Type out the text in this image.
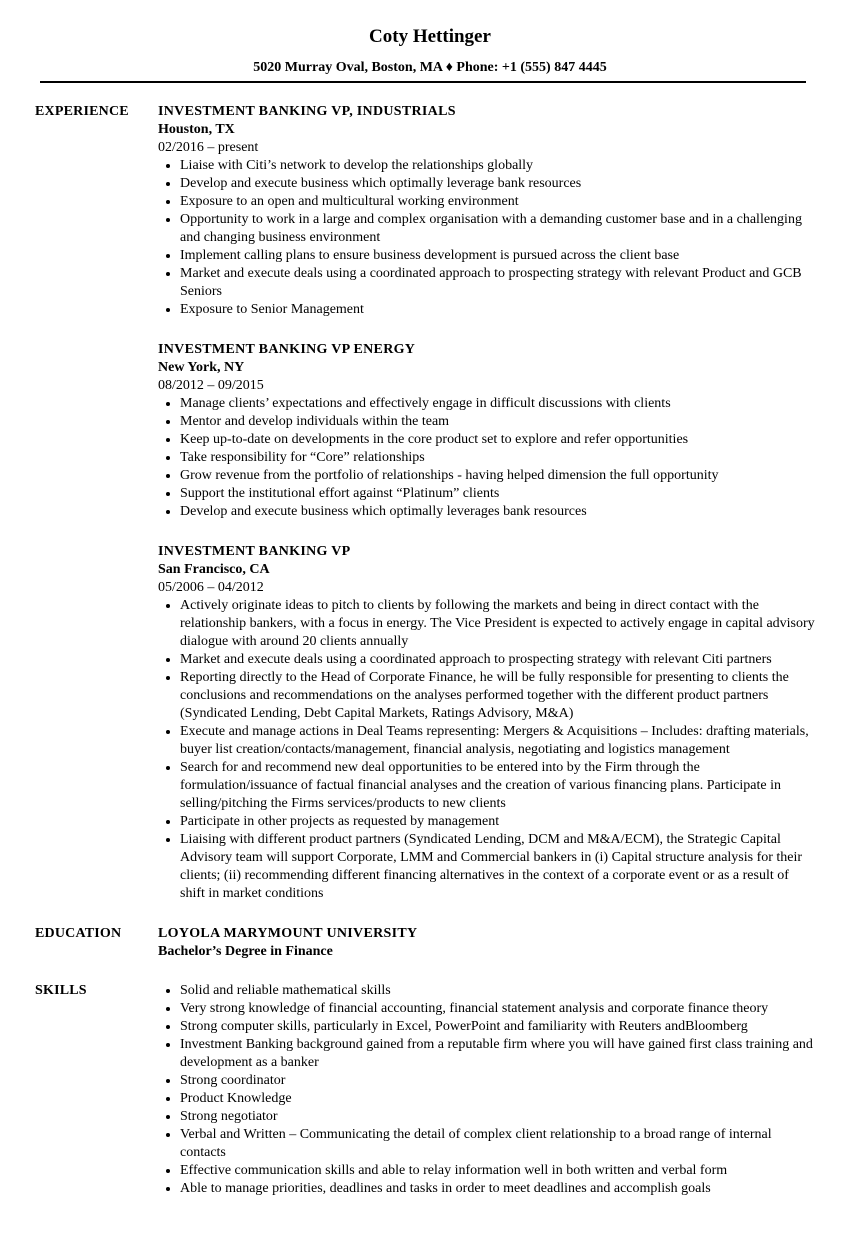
Coty Hettinger
5020 Murray Oval, Boston, MA ♦ Phone: +1 (555) 847 4445
EXPERIENCE	INVESTMENT BANKING VP, INDUSTRIALS
Houston, TX
02/2016 – present
• Liaise with Citi’s network to develop the relationships globally
• Develop and execute business which optimally leverage bank resources
• Exposure to an open and multicultural working environment
• Opportunity to work in a large and complex organisation with a demanding customer base and in a challenging and changing business environment
• Implement calling plans to ensure business development is pursued across the client base
• Market and execute deals using a coordinated approach to prospecting strategy with relevant Product and GCB Seniors
• Exposure to Senior Management
INVESTMENT BANKING VP ENERGY
New York, NY
08/2012 – 09/2015
• Manage clients’ expectations and effectively engage in difficult discussions with clients
• Mentor and develop individuals within the team
• Keep up-to-date on developments in the core product set to explore and refer opportunities
• Take responsibility for “Core” relationships
• Grow revenue from the portfolio of relationships - having helped dimension the full opportunity
• Support the institutional effort against “Platinum” clients
• Develop and execute business which optimally leverages bank resources
INVESTMENT BANKING VP
San Francisco, CA
05/2006 – 04/2012
• Actively originate ideas to pitch to clients by following the markets and being in direct contact with the relationship bankers, with a focus in energy. The Vice President is expected to actively engage in capital advisory dialogue with around 20 clients annually
• Market and execute deals using a coordinated approach to prospecting strategy with relevant Citi partners
• Reporting directly to the Head of Corporate Finance, he will be fully responsible for presenting to clients the conclusions and recommendations on the analyses performed together with the different product partners (Syndicated Lending, Debt Capital Markets, Ratings Advisory, M&A)
• Execute and manage actions in Deal Teams representing: Mergers & Acquisitions – Includes: drafting materials, buyer list creation/contacts/management, financial analysis, negotiating and logistics management
• Search for and recommend new deal opportunities to be entered into by the Firm through the formulation/issuance of factual financial analyses and the creation of various financing plans. Participate in selling/pitching the Firms services/products to new clients
• Participate in other projects as requested by management
• Liaising with different product partners (Syndicated Lending, DCM and M&A/ECM), the Strategic Capital Advisory team will support Corporate, LMM and Commercial bankers in (i) Capital structure analysis for their clients; (ii) recommending different financing alternatives in the context of a corporate event or as a result of shift in market conditions
EDUCATION	LOYOLA MARYMOUNT UNIVERSITY
Bachelor’s Degree in Finance
SKILLS
•	Solid and reliable mathematical skills
• Very strong knowledge of financial accounting, financial statement analysis and corporate finance theory
• Strong computer skills, particularly in Excel, PowerPoint and familiarity with Reuters andBloomberg
• Investment Banking background gained from a reputable firm where you will have gained first class training and development as a banker
• Strong coordinator
• Product Knowledge
• Strong negotiator
• Verbal and Written – Communicating the detail of complex client relationship to a broad range of internal contacts
• Effective communication skills and able to relay information well in both written and verbal form
• Able to manage priorities, deadlines and tasks in order to meet deadlines and accomplish goals
